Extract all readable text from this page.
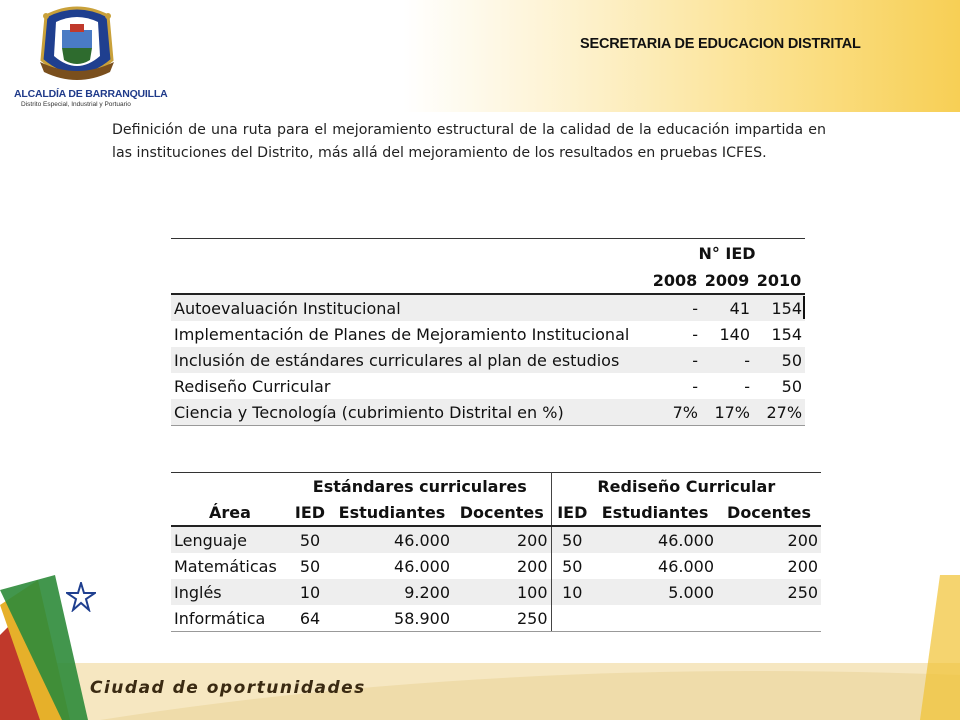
ALCALDÍA DE BARRANQUILLA
Distrito Especial, Industrial y Portuario
SECRETARIA DE EDUCACION DISTRITAL
Definición de una ruta para el mejoramiento estructural de la calidad de la educación impartida en las instituciones del Distrito, más allá del mejoramiento de los resultados en pruebas ICFES.
	N° IED		
	2008	2009	2010
Autoevaluación Institucional	-	41	154
Implementación de Planes de Mejoramiento Institucional	-	140	154
Inclusión de estándares curriculares al plan de estudios	-	-	50
Rediseño Curricular	-	-	50
Ciencia y Tecnología (cubrimiento Distrital en %)	7%	17%	27%
	Estándares curriculares			Rediseño Curricular		
Área	IED	Estudiantes	Docentes	IED	Estudiantes	Docentes
Lenguaje	50	46.000	200	50	46.000	200
Matemáticas	50	46.000	200	50	46.000	200
Inglés	10	9.200	100	10	5.000	250
Informática	64	58.900	250			
Ciudad de oportunidades
